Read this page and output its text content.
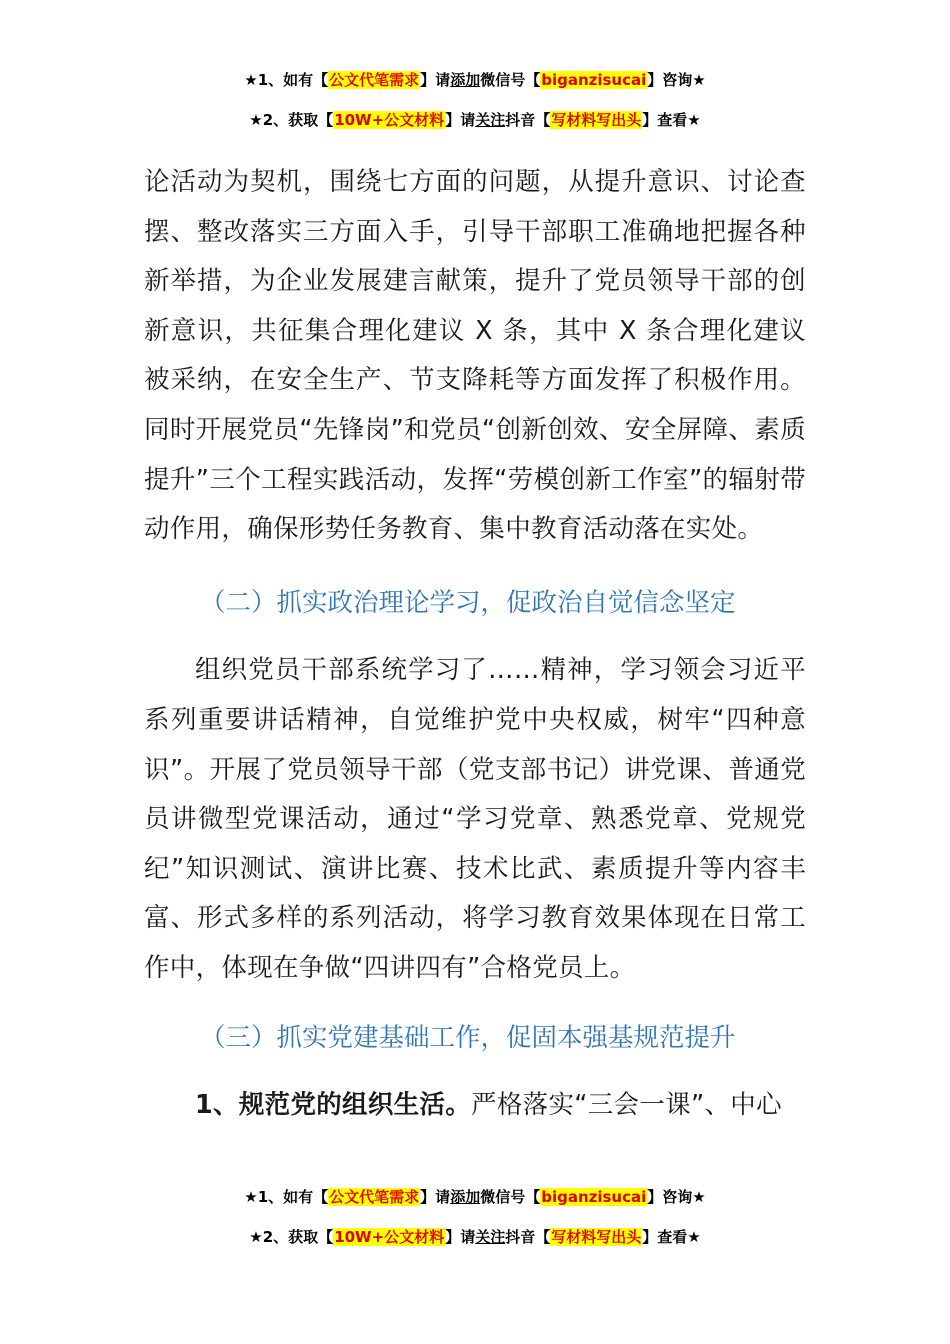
★1、如有【公文代笔需求】请添加微信号【biganzisucai】咨询★
★2、获取【10W+公文材料】请关注抖音【写材料写出头】查看★

论活动为契机，围绕七方面的问题，从提升意识、讨论查摆、整改落实三方面入手，引导干部职工准确地把握各种新举措，为企业发展建言献策，提升了党员领导干部的创新意识，共征集合理化建议 X 条，其中 X 条合理化建议被采纳，在安全生产、节支降耗等方面发挥了积极作用。同时开展党员“先锋岗”和党员“创新创效、安全屏障、素质提升”三个工程实践活动，发挥“劳模创新工作室”的辐射带动作用，确保形势任务教育、集中教育活动落在实处。

（二）抓实政治理论学习，促政治自觉信念坚定

组织党员干部系统学习了……精神，学习领会习近平系列重要讲话精神，自觉维护党中央权威，树牢“四种意识”。开展了党员领导干部（党支部书记）讲党课、普通党员讲微型党课活动，通过“学习党章、熟悉党章、党规党纪”知识测试、演讲比赛、技术比武、素质提升等内容丰富、形式多样的系列活动，将学习教育效果体现在日常工作中，体现在争做“四讲四有”合格党员上。

（三）抓实党建基础工作，促固本强基规范提升

1、规范党的组织生活。严格落实“三会一课”、中心

★1、如有【公文代笔需求】请添加微信号【biganzisucai】咨询★
★2、获取【10W+公文材料】请关注抖音【写材料写出头】查看★
